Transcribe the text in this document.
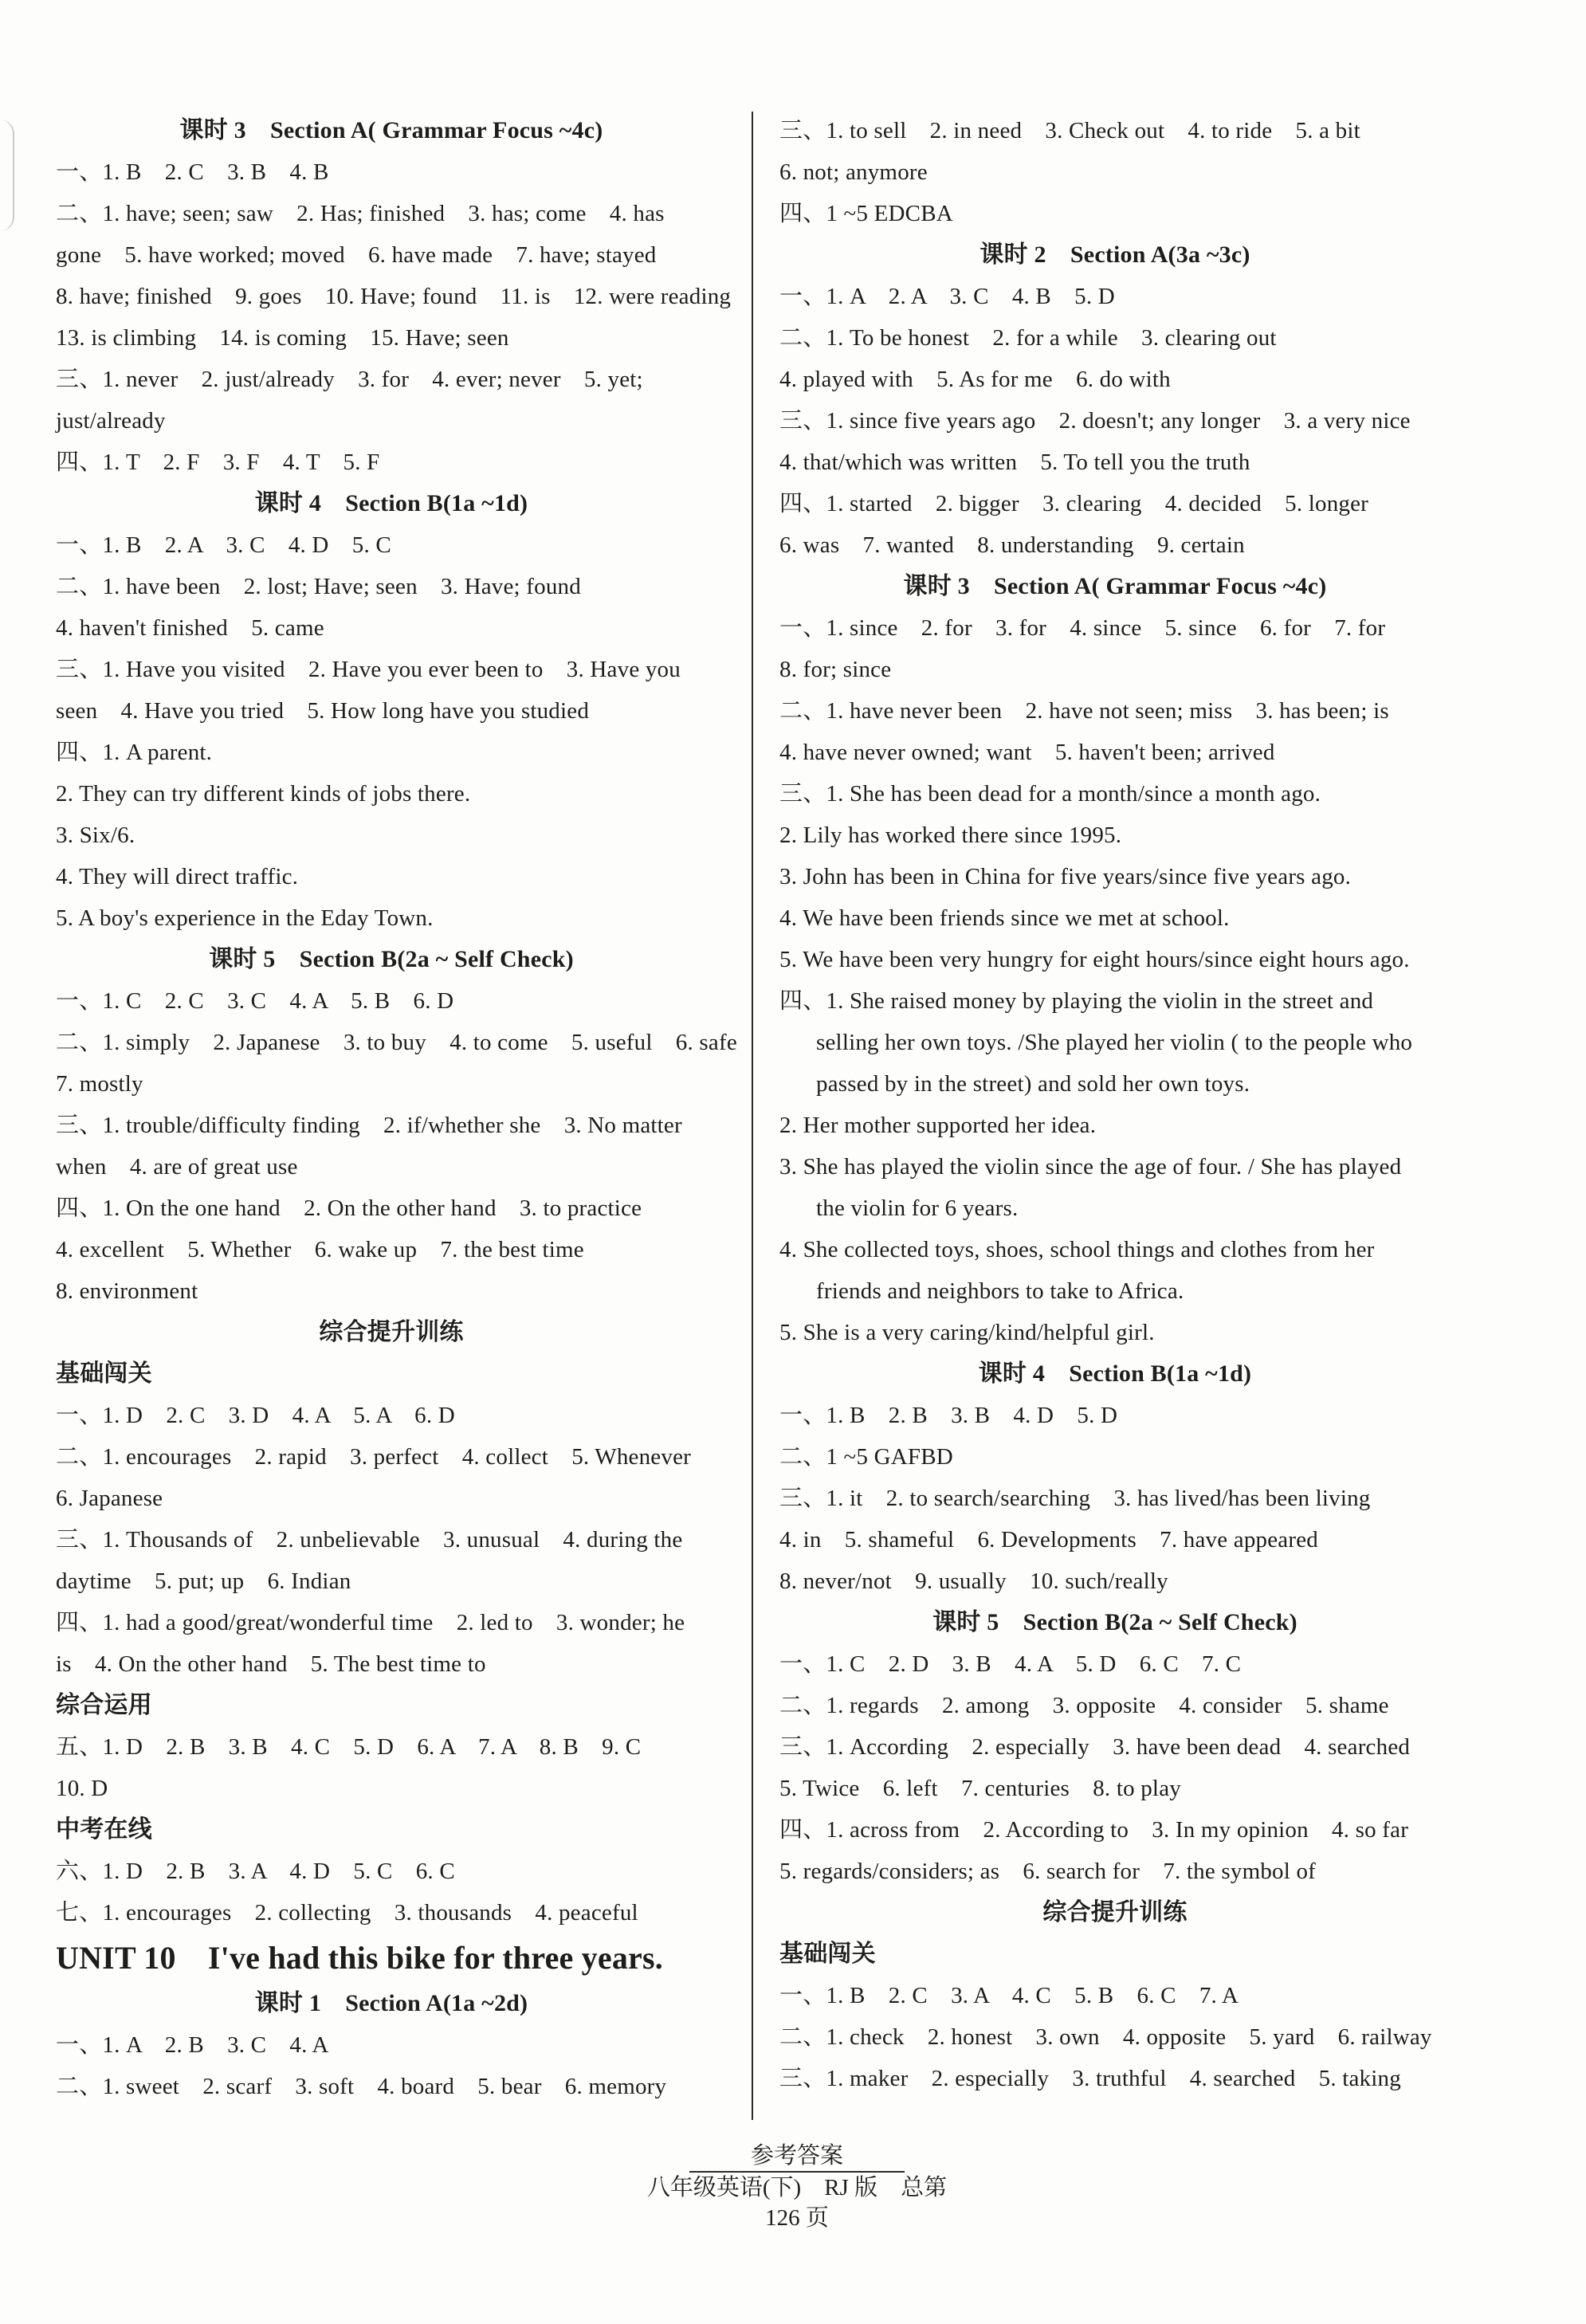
课时 3　Section A( Grammar Focus ~4c)
一、1. B　2. C　3. B　4. B
二、1. have; seen; saw　2. Has; finished　3. has; come　4. has
gone　5. have worked; moved　6. have made　7. have; stayed
8. have; finished　9. goes　10. Have; found　11. is　12. were reading
13. is climbing　14. is coming　15. Have; seen
三、1. never　2. just/already　3. for　4. ever; never　5. yet;
just/already
四、1. T　2. F　3. F　4. T　5. F
课时 4　Section B(1a ~1d)
一、1. B　2. A　3. C　4. D　5. C
二、1. have been　2. lost; Have; seen　3. Have; found
4. haven't finished　5. came
三、1. Have you visited　2. Have you ever been to　3. Have you
seen　4. Have you tried　5. How long have you studied
四、1. A parent.
2. They can try different kinds of jobs there.
3. Six/6.
4. They will direct traffic.
5. A boy's experience in the Eday Town.
课时 5　Section B(2a ~ Self Check)
一、1. C　2. C　3. C　4. A　5. B　6. D
二、1. simply　2. Japanese　3. to buy　4. to come　5. useful　6. safe
7. mostly
三、1. trouble/difficulty finding　2. if/whether she　3. No matter
when　4. are of great use
四、1. On the one hand　2. On the other hand　3. to practice
4. excellent　5. Whether　6. wake up　7. the best time
8. environment
综合提升训练
基础闯关
一、1. D　2. C　3. D　4. A　5. A　6. D
二、1. encourages　2. rapid　3. perfect　4. collect　5. Whenever
6. Japanese
三、1. Thousands of　2. unbelievable　3. unusual　4. during the
daytime　5. put; up　6. Indian
四、1. had a good/great/wonderful time　2. led to　3. wonder; he
is　4. On the other hand　5. The best time to
综合运用
五、1. D　2. B　3. B　4. C　5. D　6. A　7. A　8. B　9. C
10. D
中考在线
六、1. D　2. B　3. A　4. D　5. C　6. C
七、1. encourages　2. collecting　3. thousands　4. peaceful
UNIT 10　I've had this bike for three years.
课时 1　Section A(1a ~2d)
一、1. A　2. B　3. C　4. A
二、1. sweet　2. scarf　3. soft　4. board　5. bear　6. memory
三、1. to sell　2. in need　3. Check out　4. to ride　5. a bit
6. not; anymore
四、1 ~5 EDCBA
课时 2　Section A(3a ~3c)
一、1. A　2. A　3. C　4. B　5. D
二、1. To be honest　2. for a while　3. clearing out
4. played with　5. As for me　6. do with
三、1. since five years ago　2. doesn't; any longer　3. a very nice
4. that/which was written　5. To tell you the truth
四、1. started　2. bigger　3. clearing　4. decided　5. longer
6. was　7. wanted　8. understanding　9. certain
课时 3　Section A( Grammar Focus ~4c)
一、1. since　2. for　3. for　4. since　5. since　6. for　7. for
8. for; since
二、1. have never been　2. have not seen; miss　3. has been; is
4. have never owned; want　5. haven't been; arrived
三、1. She has been dead for a month/since a month ago.
2. Lily has worked there since 1995.
3. John has been in China for five years/since five years ago.
4. We have been friends since we met at school.
5. We have been very hungry for eight hours/since eight hours ago.
四、1. She raised money by playing the violin in the street and
selling her own toys. /She played her violin ( to the people who
passed by in the street) and sold her own toys.
2. Her mother supported her idea.
3. She has played the violin since the age of four. / She has played
the violin for 6 years.
4. She collected toys, shoes, school things and clothes from her
friends and neighbors to take to Africa.
5. She is a very caring/kind/helpful girl.
课时 4　Section B(1a ~1d)
一、1. B　2. B　3. B　4. D　5. D
二、1 ~5 GAFBD
三、1. it　2. to search/searching　3. has lived/has been living
4. in　5. shameful　6. Developments　7. have appeared
8. never/not　9. usually　10. such/really
课时 5　Section B(2a ~ Self Check)
一、1. C　2. D　3. B　4. A　5. D　6. C　7. C
二、1. regards　2. among　3. opposite　4. consider　5. shame
三、1. According　2. especially　3. have been dead　4. searched
5. Twice　6. left　7. centuries　8. to play
四、1. across from　2. According to　3. In my opinion　4. so far
5. regards/considers; as　6. search for　7. the symbol of
综合提升训练
基础闯关
一、1. B　2. C　3. A　4. C　5. B　6. C　7. A
二、1. check　2. honest　3. own　4. opposite　5. yard　6. railway
三、1. maker　2. especially　3. truthful　4. searched　5. taking
参考答案
八年级英语(下)　RJ 版　总第 126 页
